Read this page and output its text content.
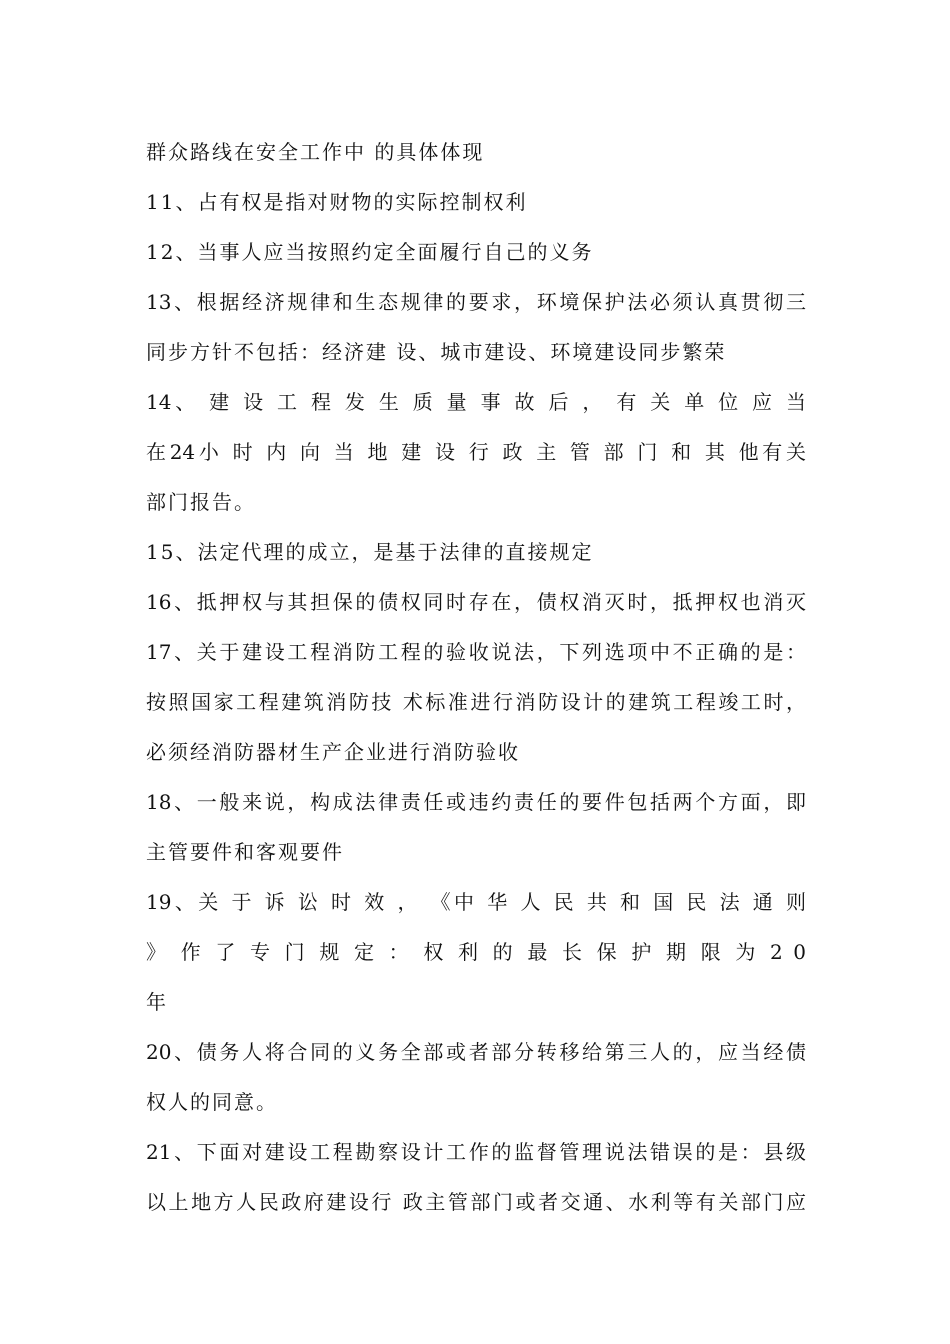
群众路线在安全工作中 的具体体现
11、占有权是指对财物的实际控制权利
12、当事人应当按照约定全面履行自己的义务
13、根据经济规律和生态规律的要求，环境保护法必须认真贯彻三
同步方针不包括：经济建 设、城市建设、环境建设同步繁荣
14、 建 设 工 程 发 生 质 量 事 故 后 ， 有 关 单 位 应 当
在24小 时 内 向 当 地 建 设 行 政 主 管 部 门 和 其 他有关
部门报告。
15、法定代理的成立，是基于法律的直接规定
16、抵押权与其担保的债权同时存在，债权消灭时，抵押权也消灭
17、关于建设工程消防工程的验收说法，下列选项中不正确的是：
按照国家工程建筑消防技 术标准进行消防设计的建筑工程竣工时，
必须经消防器材生产企业进行消防验收
18、一般来说，构成法律责任或违约责任的要件包括两个方面，即
主管要件和客观要件
19、关 于 诉 讼 时 效 ， 《中 华 人 民 共 和 国 民 法 通 则
》 作 了 专 门 规 定 ： 权 利 的 最 长 保 护 期 限 为 2 0
年
20、债务人将合同的义务全部或者部分转移给第三人的，应当经债
权人的同意。
21、下面对建设工程勘察设计工作的监督管理说法错误的是：县级
以上地方人民政府建设行 政主管部门或者交通、水利等有关部门应
